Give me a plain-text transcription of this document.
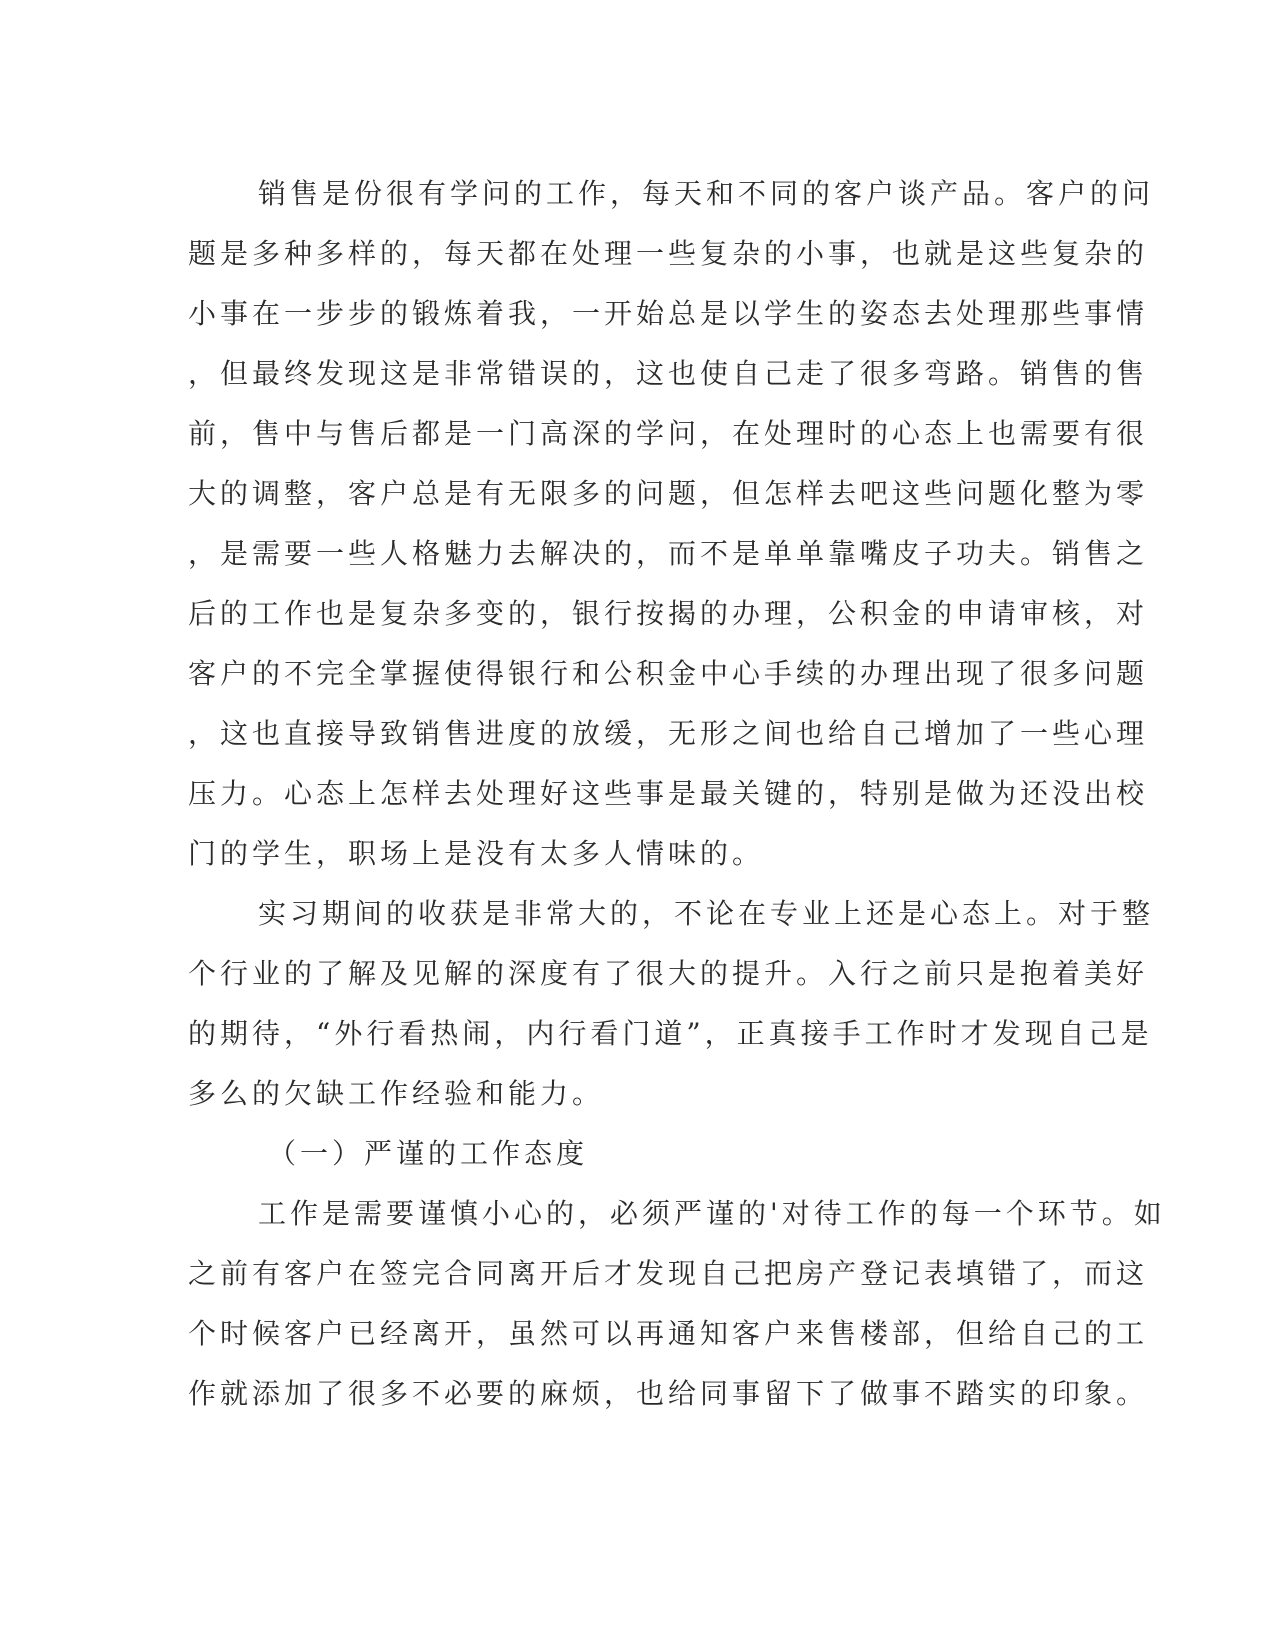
销售是份很有学问的工作，每天和不同的客户谈产品。客户的问
题是多种多样的，每天都在处理一些复杂的小事，也就是这些复杂的
小事在一步步的锻炼着我，一开始总是以学生的姿态去处理那些事情
，但最终发现这是非常错误的，这也使自己走了很多弯路。销售的售
前，售中与售后都是一门高深的学问，在处理时的心态上也需要有很
大的调整，客户总是有无限多的问题，但怎样去吧这些问题化整为零
，是需要一些人格魅力去解决的，而不是单单靠嘴皮子功夫。销售之
后的工作也是复杂多变的，银行按揭的办理，公积金的申请审核，对
客户的不完全掌握使得银行和公积金中心手续的办理出现了很多问题
，这也直接导致销售进度的放缓，无形之间也给自己增加了一些心理
压力。心态上怎样去处理好这些事是最关键的，特别是做为还没出校
门的学生，职场上是没有太多人情味的。
实习期间的收获是非常大的，不论在专业上还是心态上。对于整
个行业的了解及见解的深度有了很大的提升。入行之前只是抱着美好
的期待，“外行看热闹，内行看门道”，正真接手工作时才发现自己是
多么的欠缺工作经验和能力。
（一）严谨的工作态度
工作是需要谨慎小心的，必须严谨的'对待工作的每一个环节。如
之前有客户在签完合同离开后才发现自己把房产登记表填错了，而这
个时候客户已经离开，虽然可以再通知客户来售楼部，但给自己的工
作就添加了很多不必要的麻烦，也给同事留下了做事不踏实的印象。
